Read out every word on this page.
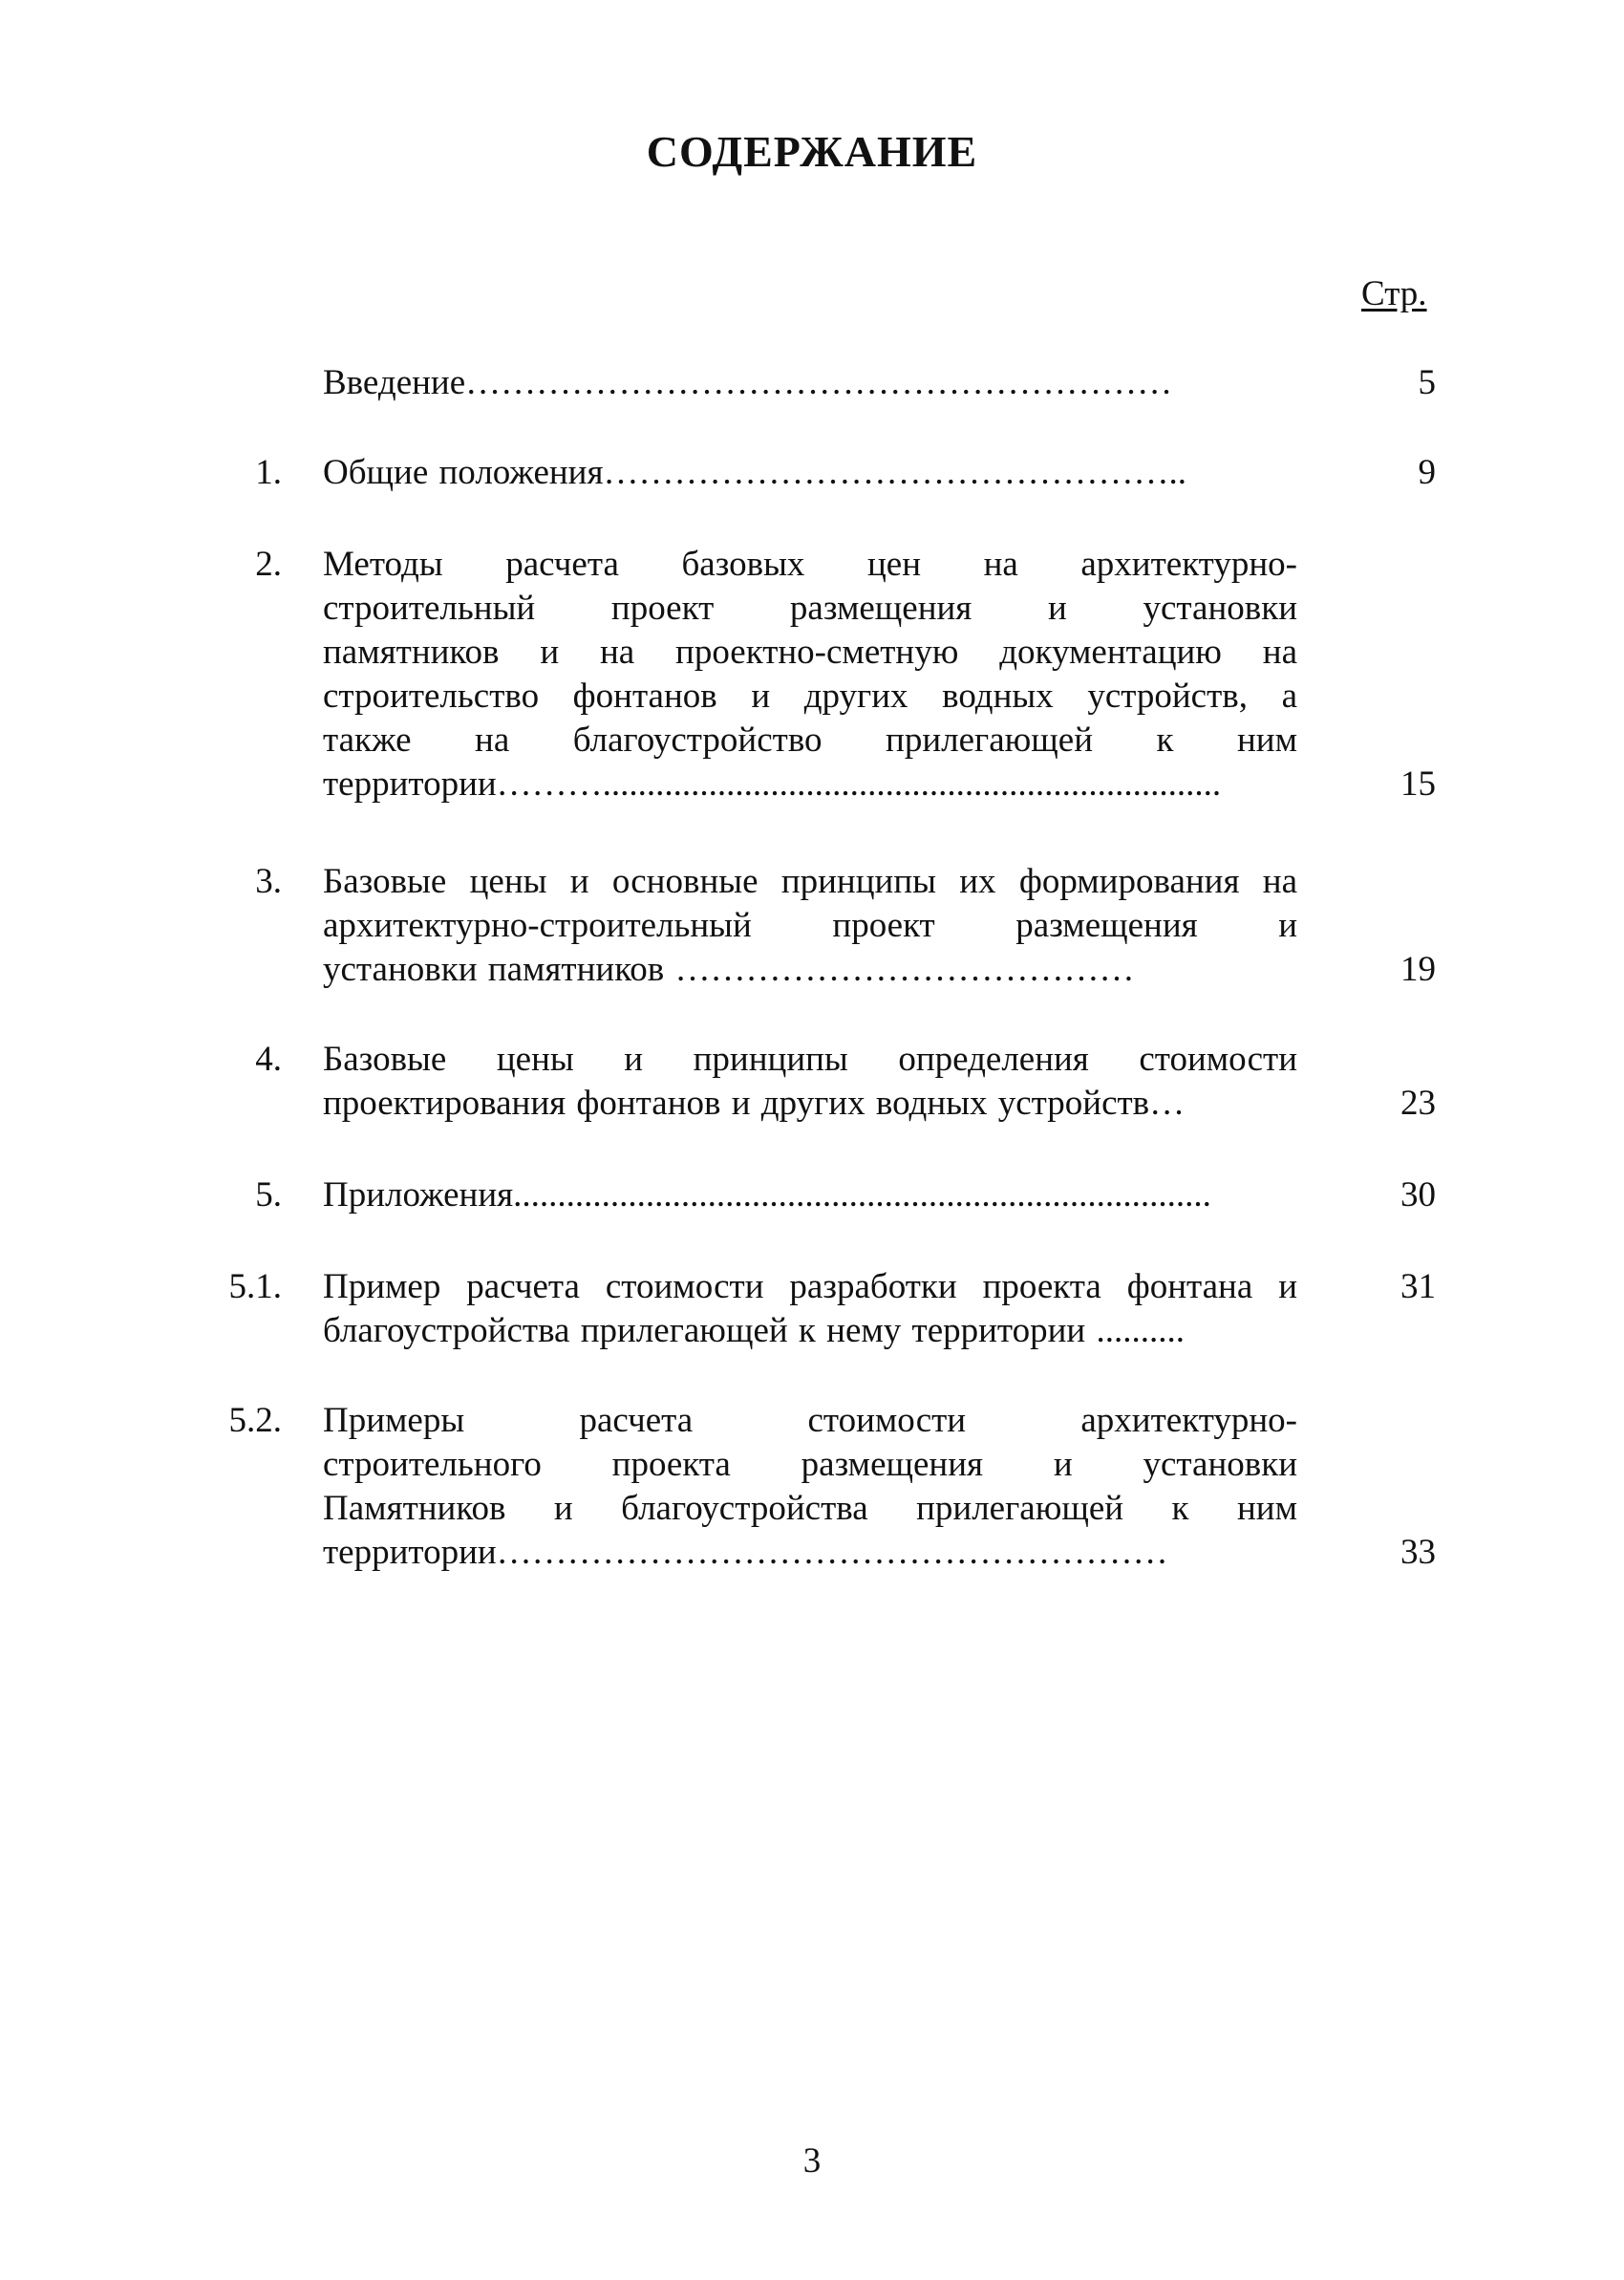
СОДЕРЖАНИЕ
Стр.
Введение……………………………………………………	5
1. Общие положения…………………………………………..	9
2. Методы расчета базовых цен на архитектурно-
строительный проект размещения и установки
памятников и на проектно-сметную документацию на
строительство фонтанов и других водных устройств, а
также на благоустройство прилегающей к ним
территории………......................................................................	15
3. Базовые цены и основные принципы их формирования на
архитектурно-строительный проект размещения и
установки памятников …………………………………	19
4. Базовые цены и принципы определения стоимости
проектирования фонтанов и других водных устройств…	23
5. Приложения...............................................................................	30
5.1. Пример расчета стоимости разработки проекта фонтана и
благоустройства прилегающей к нему территории ..........
31
5.2. Примеры расчета стоимости архитектурно-
строительного проекта размещения и установки
Памятников и благоустройства прилегающей к ним
территории…………………………………………………	33
3
